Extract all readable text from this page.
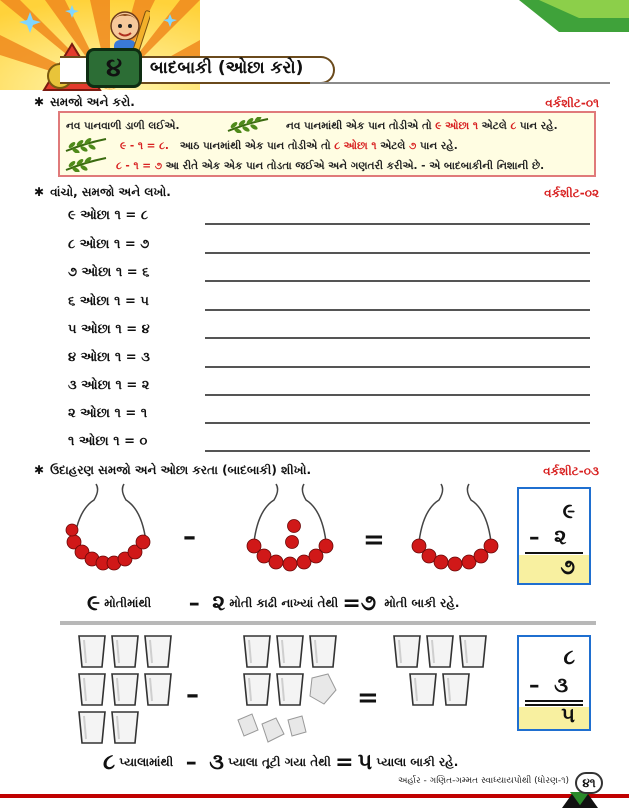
૪ બાદબાકી (ઓછા કરો)
✱ સમજો અને કરો.	વર્કશીટ-૦૧
નવ પાનવાળી ડાળી લઈએ.	નવ પાનમાંથી એક પાન તોડીએ તો ૯ ઓછા ૧ એટલે ૮ પાન રહે.
૯ - ૧ = ૮. આઠ પાનમાંથી એક પાન તોડીએ તો ૮ ઓછા ૧ એટલે ૭ પાન રહે.
૮ - ૧ = ૭ આ રીતે એક એક પાન તોડતા જઈએ અને ગણતરી કરીએ. - એ બાદબાકીની નિશાની છે.
✱ વાંચો, સમજો અને લખો.	વર્કશીટ-૦૨
૯ ઓછા ૧ = ૮
૮ ઓછા ૧ = ૭
૭ ઓછા ૧ = ૬
૬ ઓછા ૧ = ૫
૫ ઓછા ૧ = ૪
૪ ઓછા ૧ = ૩
૩ ઓછા ૧ = ૨
૨ ઓછા ૧ = ૧
૧ ઓછા ૧ = ૦
✱ ઉદાહરણ સમજો અને ઓછા કરતા (બાદબાકી) શીખો.	વર્કશીટ-૦૩
–	=
૯
– ૨
૭
૯ મોતીમાંથી – ૨ મોતી કાઢી નાખ્યાં તેથી =૭ મોતી બાકી રહે.
–	=
૮
– ૩
૫
૮ પ્યાલામાંથી – ૩ પ્યાલા તૂટી ગયા તેથી = ૫ પ્યાલા બાકી રહે.
અર્હાર - ગણિત-ગમ્મત સ્વાધ્યાયપોથી (ધોરણ-૧)	૪૧
